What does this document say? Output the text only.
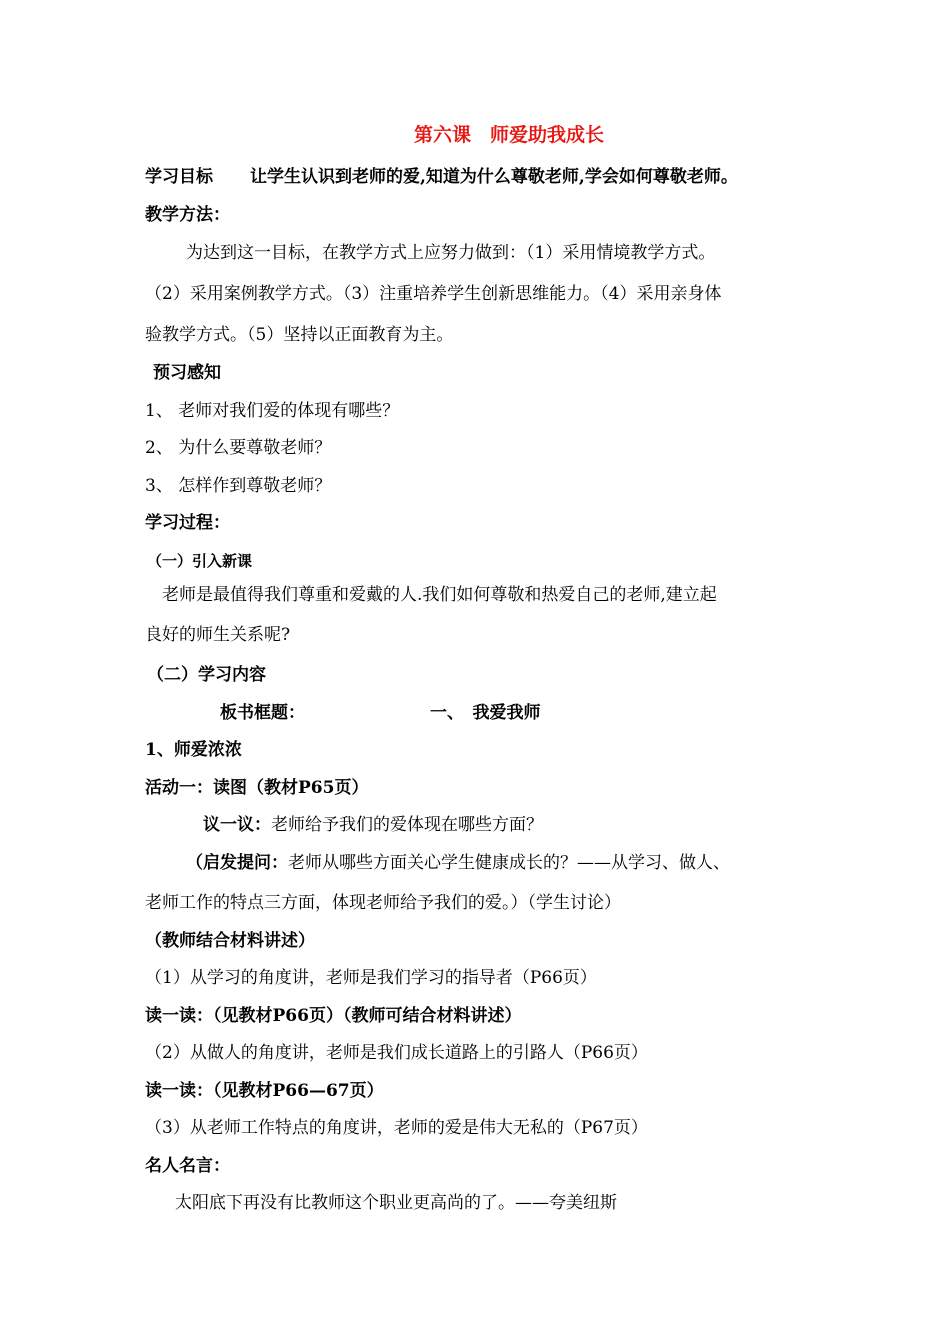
第六课　师爱助我成长
学习目标 让学生认识到老师的爱,知道为什么尊敬老师,学会如何尊敬老师。
教学方法：
为达到这一目标，在教学方式上应努力做到：（1）采用情境教学方式。
（2）采用案例教学方式。（3）注重培养学生创新思维能力。（4）采用亲身体
验教学方式。（5）坚持以正面教育为主。
预习感知
1、 老师对我们爱的体现有哪些？
2、 为什么要尊敬老师？
3、 怎样作到尊敬老师？
学习过程：
（一）引入新课
老师是最值得我们尊重和爱戴的人.我们如何尊敬和热爱自己的老师,建立起
良好的师生关系呢?
（二）学习内容
板书框题：	一、　我爱我师
1、师爱浓浓
活动一：读图（教材P65页）
议一议：老师给予我们的爱体现在哪些方面？
（启发提问：老师从哪些方面关心学生健康成长的？——从学习、做人、
老师工作的特点三方面，体现老师给予我们的爱。）（学生讨论）
（教师结合材料讲述）
（1）从学习的角度讲，老师是我们学习的指导者（P66页）
读一读：（见教材P66页）（教师可结合材料讲述）
（2）从做人的角度讲，老师是我们成长道路上的引路人（P66页）
读一读：（见教材P66—67页）
（3）从老师工作特点的角度讲，老师的爱是伟大无私的（P67页）
名人名言：
太阳底下再没有比教师这个职业更高尚的了。——夸美纽斯
